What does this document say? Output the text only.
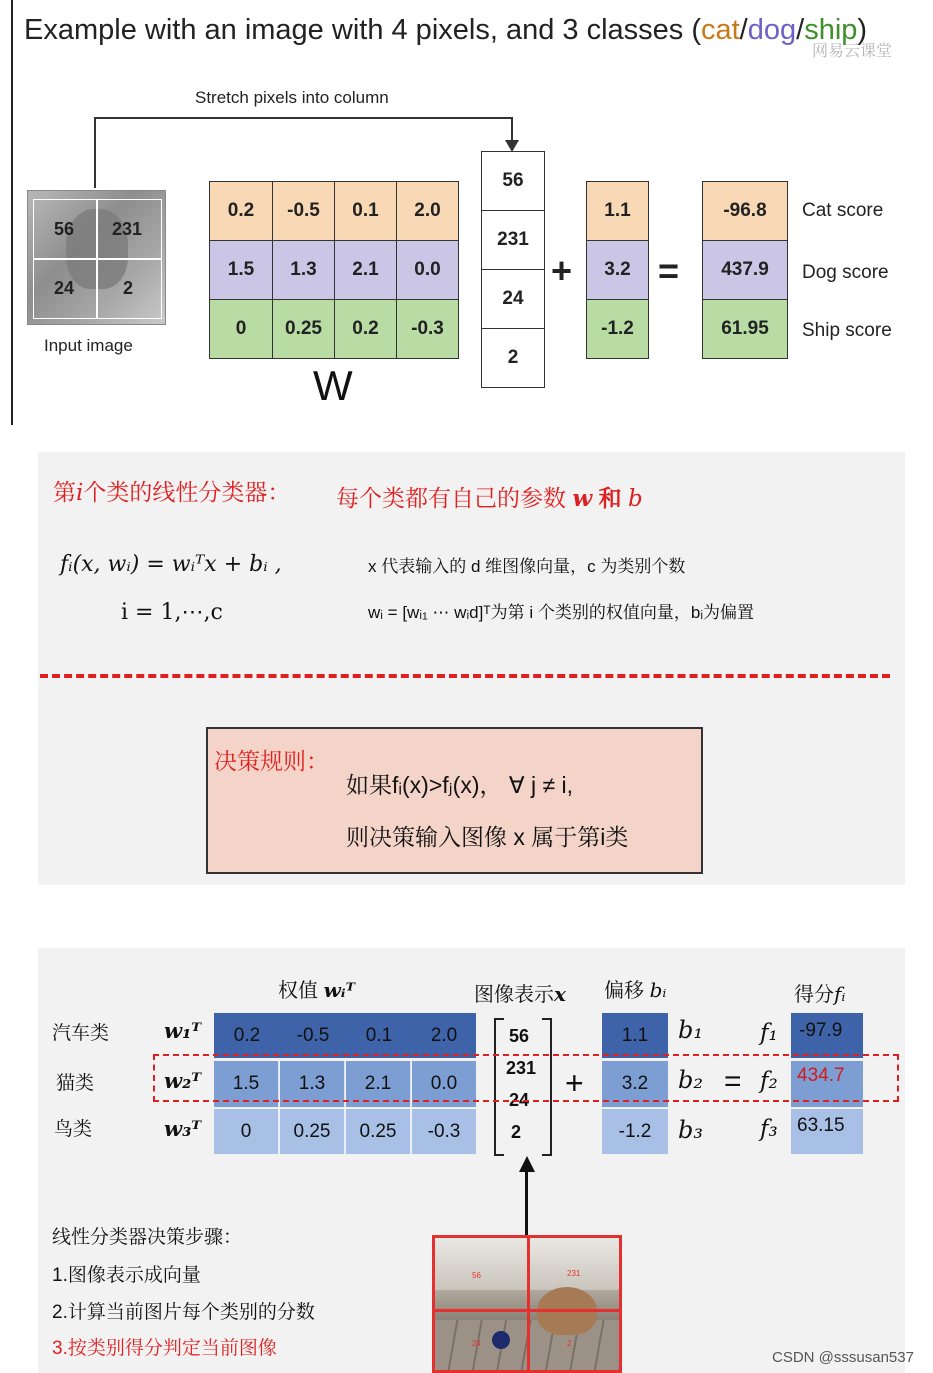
Example with an image with 4 pixels, and 3 classes (cat/dog/ship)
网易云课堂
Stretch pixels into column
56 231
24	2
Input image
0.2	-0.5	0.1	2.0
1.5	1.3	2.1	0.0
0	0.25	0.2	-0.3
W
56
231
24
2
+
1.1
3.2
-1.2
=
-96.8
437.9
61.95
Cat score
Dog score
Ship score
第i个类的线性分类器： 每个类都有自己的参数 w 和 b
fᵢ(x, wᵢ) = wᵢᵀx + bᵢ ,
i = 1,⋯,c
x 代表输入的 d 维图像向量，c 为类别个数
wᵢ = [wᵢ₁ ⋯ wᵢd]ᵀ为第 i 个类别的权值向量，bᵢ为偏置
决策规则：
如果fᵢ(x)>fⱼ(x)， ∀ j ≠ i,
则决策输入图像 x 属于第i类
权值 wᵢᵀ	图像表示x 偏移 bᵢ	得分fᵢ
汽车类
猫类
鸟类
w₁ᵀ
w₂ᵀ
w₃ᵀ
0.2	-0.5	0.1	2.0
1.5	1.3	2.1	0.0
0	0.25	0.25	-0.3
56
231
24
2
+
1.1
3.2
-1.2
b₁
b₂
b₃
=
f₁
f₂
f₃
-97.9
434.7
63.15
线性分类器决策步骤：
1.图像表示成向量
2.计算当前图片每个类别的分数
3.按类别得分判定当前图像
56	231
24	2
CSDN @sssusan537
